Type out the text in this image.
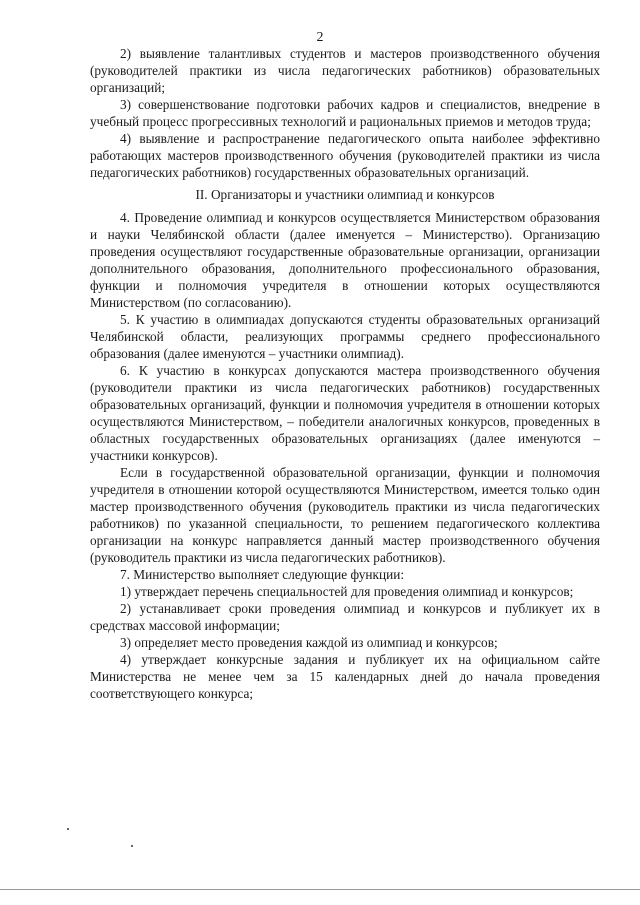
2

2) выявление талантливых студентов и мастеров производственного обучения (руководителей практики из числа педагогических работников) образовательных организаций;

3) совершенствование подготовки рабочих кадров и специалистов, внедрение в учебный процесс прогрессивных технологий и рациональных приемов и методов труда;

4) выявление и распространение педагогического опыта наиболее эффективно работающих мастеров производственного обучения (руководителей практики из числа педагогических работников) государственных образовательных организаций.

II. Организаторы и участники олимпиад и конкурсов

4. Проведение олимпиад и конкурсов осуществляется Министерством образования и науки Челябинской области (далее именуется – Министерство). Организацию проведения осуществляют государственные образовательные организации, организации дополнительного образования, дополнительного профессионального образования, функции и полномочия учредителя в отношении которых осуществляются Министерством (по согласованию).

5. К участию в олимпиадах допускаются студенты образовательных организаций Челябинской области, реализующих программы среднего профессионального образования (далее именуются – участники олимпиад).

6. К участию в конкурсах допускаются мастера производственного обучения (руководители практики из числа педагогических работников) государственных образовательных организаций, функции и полномочия учредителя в отношении которых осуществляются Министерством, – победители аналогичных конкурсов, проведенных в областных государственных образовательных организациях (далее именуются – участники конкурсов).

Если в государственной образовательной организации, функции и полномочия учредителя в отношении которой осуществляются Министерством, имеется только один мастер производственного обучения (руководитель практики из числа педагогических работников) по указанной специальности, то решением педагогического коллектива организации на конкурс направляется данный мастер производственного обучения (руководитель практики из числа педагогических работников).

7. Министерство выполняет следующие функции:

1) утверждает перечень специальностей для проведения олимпиад и конкурсов;

2) устанавливает сроки проведения олимпиад и конкурсов и публикует их в средствах массовой информации;

3) определяет место проведения каждой из олимпиад и конкурсов;

4) утверждает конкурсные задания и публикует их на официальном сайте Министерства не менее чем за 15 календарных дней до начала проведения соответствующего конкурса;
